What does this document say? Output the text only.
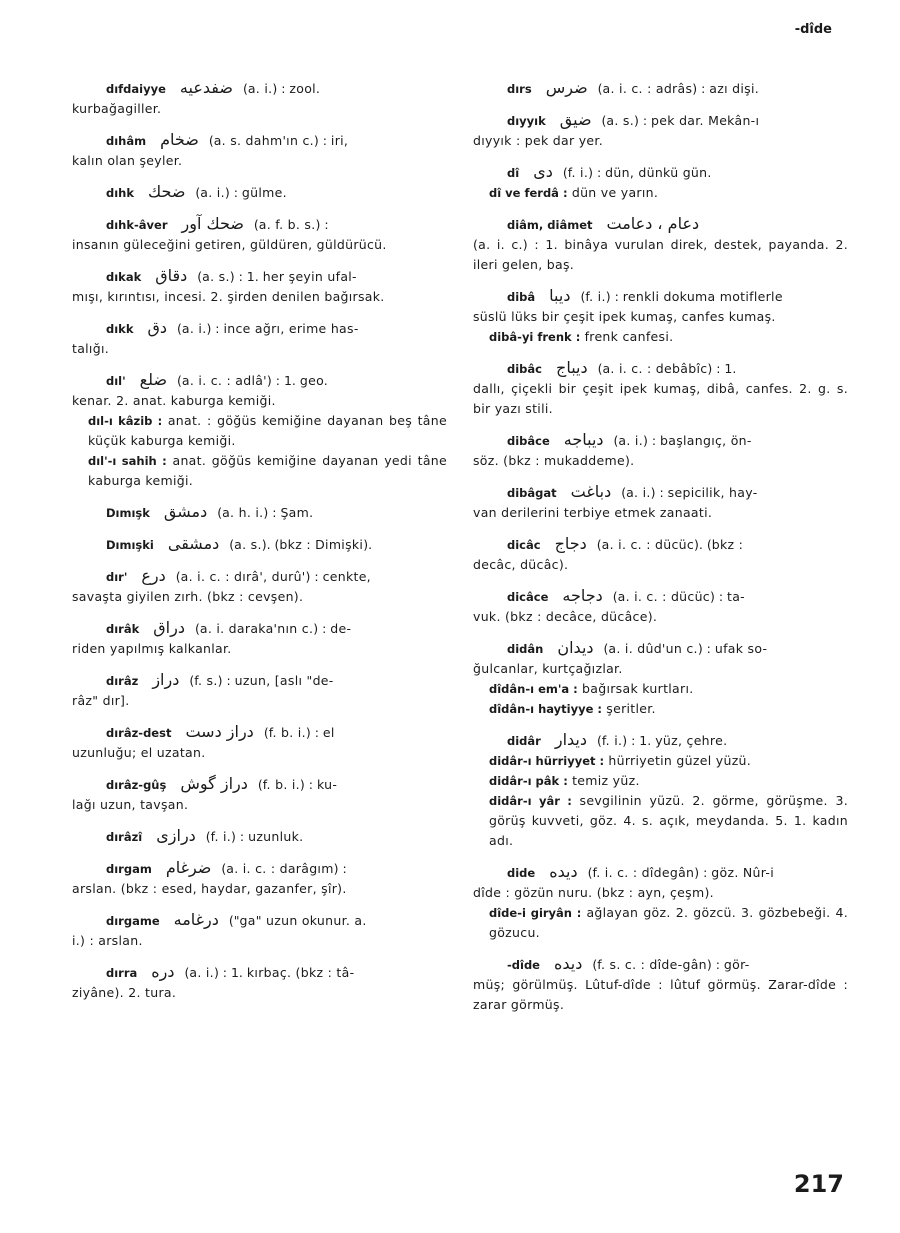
-dîde
dıfdaiyye ضفدعیه (a. i.) : zool.
kurbağagiller.
dıhâm ضخام (a. s. dahm'ın c.) : iri,
kalın olan şeyler.
dıhk ضحك (a. i.) : gülme.
dıhk-âver ضحك آور (a. f. b. s.) :
insanın güleceğini getiren, güldüren, güldürücü.
dıkak دقاق (a. s.) : 1. her şeyin ufal-
mışı, kırıntısı, incesi. 2. şirden denilen bağırsak.
dıkk دق (a. i.) : ince ağrı, erime has-
talığı.
dıl' ضلع (a. i. c. : adlâ') : 1. geo.
kenar. 2. anat. kaburga kemiği.
dıl-ı kâzib : anat. : göğüs kemiğine dayanan beş tâne küçük kaburga kemiği.
dıl'-ı sahih : anat. göğüs kemiğine dayanan yedi tâne kaburga kemiği.
Dımışk دمشق (a. h. i.) : Şam.
Dımışki دمشقی (a. s.). (bkz : Dimişki).
dır' درع (a. i. c. : dırâ', durû') : cenkte,
savaşta giyilen zırh. (bkz : cevşen).
dırâk دراق (a. i. daraka'nın c.) : de-
riden yapılmış kalkanlar.
dırâz دراز (f. s.) : uzun, [aslı "de-
râz" dır].
dırâz-dest دراز دست (f. b. i.) : el
uzunluğu; el uzatan.
dırâz-gûş دراز گوش (f. b. i.) : ku-
lağı uzun, tavşan.
dırâzî درازی (f. i.) : uzunluk.
dırgam ضرغام (a. i. c. : darâgım) :
arslan. (bkz : esed, haydar, gazanfer, şîr).
dırgame درغامه ("ga" uzun okunur. a.
i.) : arslan.
dırra دره (a. i.) : 1. kırbaç. (bkz : tâ-
ziyâne). 2. tura.
dırs ضرس (a. i. c. : adrâs) : azı dişi.
dıyyık ضیق (a. s.) : pek dar. Mekân-ı
dıyyık : pek dar yer.
dî دی (f. i.) : dün, dünkü gün.
dî ve ferdâ : dün ve yarın.
diâm, diâmet دعام ، دعامت
(a. i. c.) : 1. binâya vurulan direk, destek, payanda. 2. ileri gelen, baş.
dibâ دیبا (f. i.) : renkli dokuma motiflerle
süslü lüks bir çeşit ipek kumaş, canfes kumaş.
dibâ-yi frenk : frenk canfesi.
dibâc دیباج (a. i. c. : debâbîc) : 1.
dallı, çiçekli bir çeşit ipek kumaş, dibâ, canfes. 2. g. s. bir yazı stili.
dibâce دیباجه (a. i.) : başlangıç, ön-
söz. (bkz : mukaddeme).
dibâgat دباغت (a. i.) : sepicilik, hay-
van derilerini terbiye etmek zanaati.
dicâc دجاج (a. i. c. : dücüc). (bkz :
decâc, dücâc).
dicâce دجاجه (a. i. c. : dücüc) : ta-
vuk. (bkz : decâce, dücâce).
didân دیدان (a. i. dûd'un c.) : ufak so-
ğulcanlar, kurtçağızlar.
dîdân-ı em'a : bağırsak kurtları.
dîdân-ı haytiyye : şeritler.
didâr دیدار (f. i.) : 1. yüz, çehre.
didâr-ı hürriyyet : hürriyetin güzel yüzü.
didâr-ı pâk : temiz yüz.
didâr-ı yâr : sevgilinin yüzü. 2. görme, görüşme. 3. görüş kuvveti, göz. 4. s. açık, meydanda. 5. 1. kadın adı.
dide دیده (f. i. c. : dîdegân) : göz. Nûr-i
dîde : gözün nuru. (bkz : ayn, çeşm).
dîde-i giryân : ağlayan göz. 2. gözcü. 3. gözbebeği. 4. gözucu.
-dîde دیده (f. s. c. : dîde-gân) : gör-
müş; görülmüş. Lûtuf-dîde : lûtuf görmüş. Zarar-dîde : zarar görmüş.
217
